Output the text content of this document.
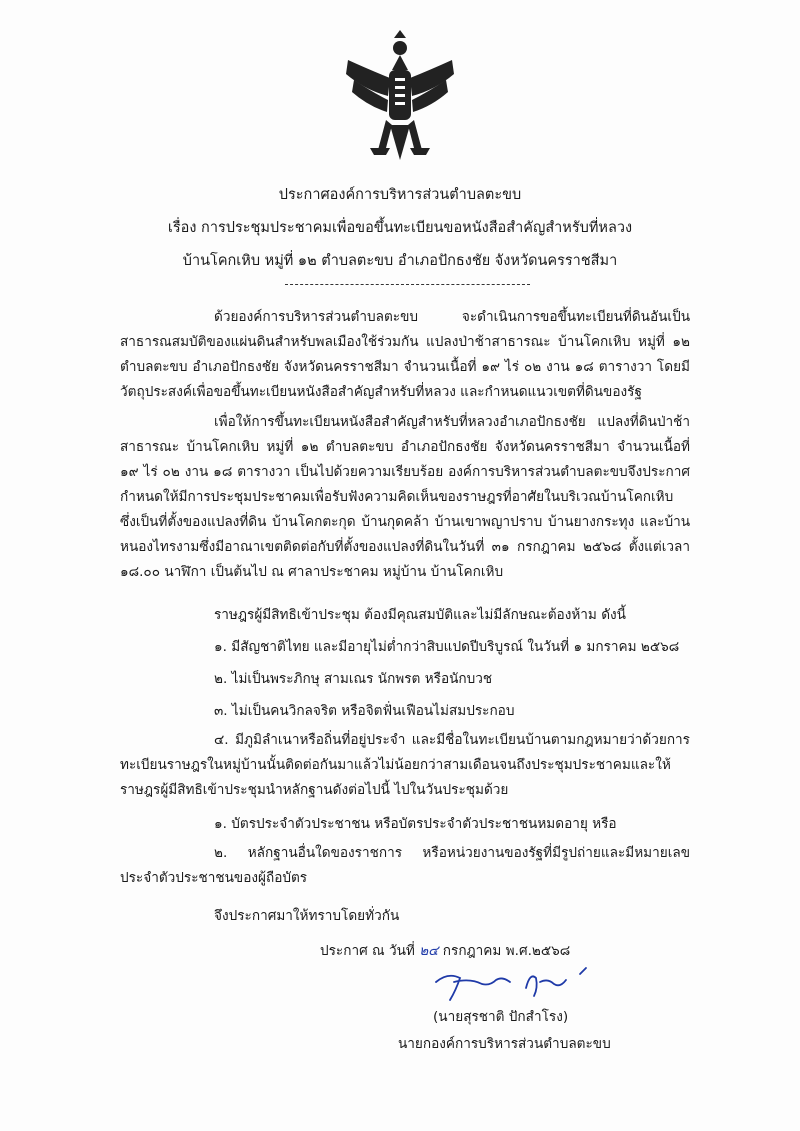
ประกาศองค์การบริหารส่วนตำบลตะขบ
เรื่อง การประชุมประชาคมเพื่อขอขึ้นทะเบียนขอหนังสือสำคัญสำหรับที่หลวง
บ้านโคกเหิบ หมู่ที่ ๑๒ ตำบลตะขบ อำเภอปักธงชัย จังหวัดนครราชสีมา
ด้วยองค์การบริหารส่วนตำบลตะขบ จะดำเนินการขอขึ้นทะเบียนที่ดินอันเป็นสาธารณสมบัติของแผ่นดินสำหรับพลเมืองใช้ร่วมกัน แปลงป่าช้าสาธารณะ บ้านโคกเหิบ หมู่ที่ ๑๒ ตำบลตะขบ อำเภอปักธงชัย จังหวัดนครราชสีมา จำนวนเนื้อที่ ๑๙ ไร่ ๐๒ งาน ๑๘ ตารางวา โดยมีวัตถุประสงค์เพื่อขอขึ้นทะเบียนหนังสือสำคัญสำหรับที่หลวง และกำหนดแนวเขตที่ดินของรัฐ
เพื่อให้การขึ้นทะเบียนหนังสือสำคัญสำหรับที่หลวงอำเภอปักธงชัย แปลงที่ดินป่าช้าสาธารณะ บ้านโคกเหิบ หมู่ที่ ๑๒ ตำบลตะขบ อำเภอปักธงชัย จังหวัดนครราชสีมา จำนวนเนื้อที่ ๑๙ ไร่ ๐๒ งาน ๑๘ ตารางวา เป็นไปด้วยความเรียบร้อย องค์การบริหารส่วนตำบลตะขบจึงประกาศกำหนดให้มีการประชุมประชาคมเพื่อรับฟังความคิดเห็นของราษฎรที่อาศัยในบริเวณบ้านโคกเหิบ ซึ่งเป็นที่ตั้งของแปลงที่ดิน บ้านโคกตะกุด บ้านกุดคล้า บ้านเขาพญาปราบ บ้านยางกระทุง และบ้านหนองไทรงามซึ่งมีอาณาเขตติดต่อกับที่ตั้งของแปลงที่ดินในวันที่ ๓๑ กรกฎาคม ๒๕๖๘ ตั้งแต่เวลา ๑๘.๐๐ นาฬิกา เป็นต้นไป ณ ศาลาประชาคม หมู่บ้าน บ้านโคกเหิบ
ราษฎรผู้มีสิทธิเข้าประชุม ต้องมีคุณสมบัติและไม่มีลักษณะต้องห้าม ดังนี้
๑. มีสัญชาติไทย และมีอายุไม่ต่ำกว่าสิบแปดปีบริบูรณ์ ในวันที่ ๑ มกราคม ๒๕๖๘
๒. ไม่เป็นพระภิกษุ สามเณร นักพรต หรือนักบวช
๓. ไม่เป็นคนวิกลจริต หรือจิตฟั่นเฟือนไม่สมประกอบ
๔. มีภูมิลำเนาหรือถิ่นที่อยู่ประจำ และมีชื่อในทะเบียนบ้านตามกฎหมายว่าด้วยการทะเบียนราษฎรในหมู่บ้านนั้นติดต่อกันมาแล้วไม่น้อยกว่าสามเดือนจนถึงประชุมประชาคมและให้ราษฎรผู้มีสิทธิเข้าประชุมนำหลักฐานดังต่อไปนี้ ไปในวันประชุมด้วย
๑. บัตรประจำตัวประชาชน หรือบัตรประจำตัวประชาชนหมดอายุ หรือ
๒. หลักฐานอื่นใดของราชการ หรือหน่วยงานของรัฐที่มีรูปถ่ายและมีหมายเลขประจำตัวประชาชนของผู้ถือบัตร
จึงประกาศมาให้ทราบโดยทั่วกัน
ประกาศ ณ วันที่ ๒๔ กรกฎาคม พ.ศ.๒๕๖๘
(นายสุรชาติ ปักสำโรง)
นายกองค์การบริหารส่วนตำบลตะขบ
